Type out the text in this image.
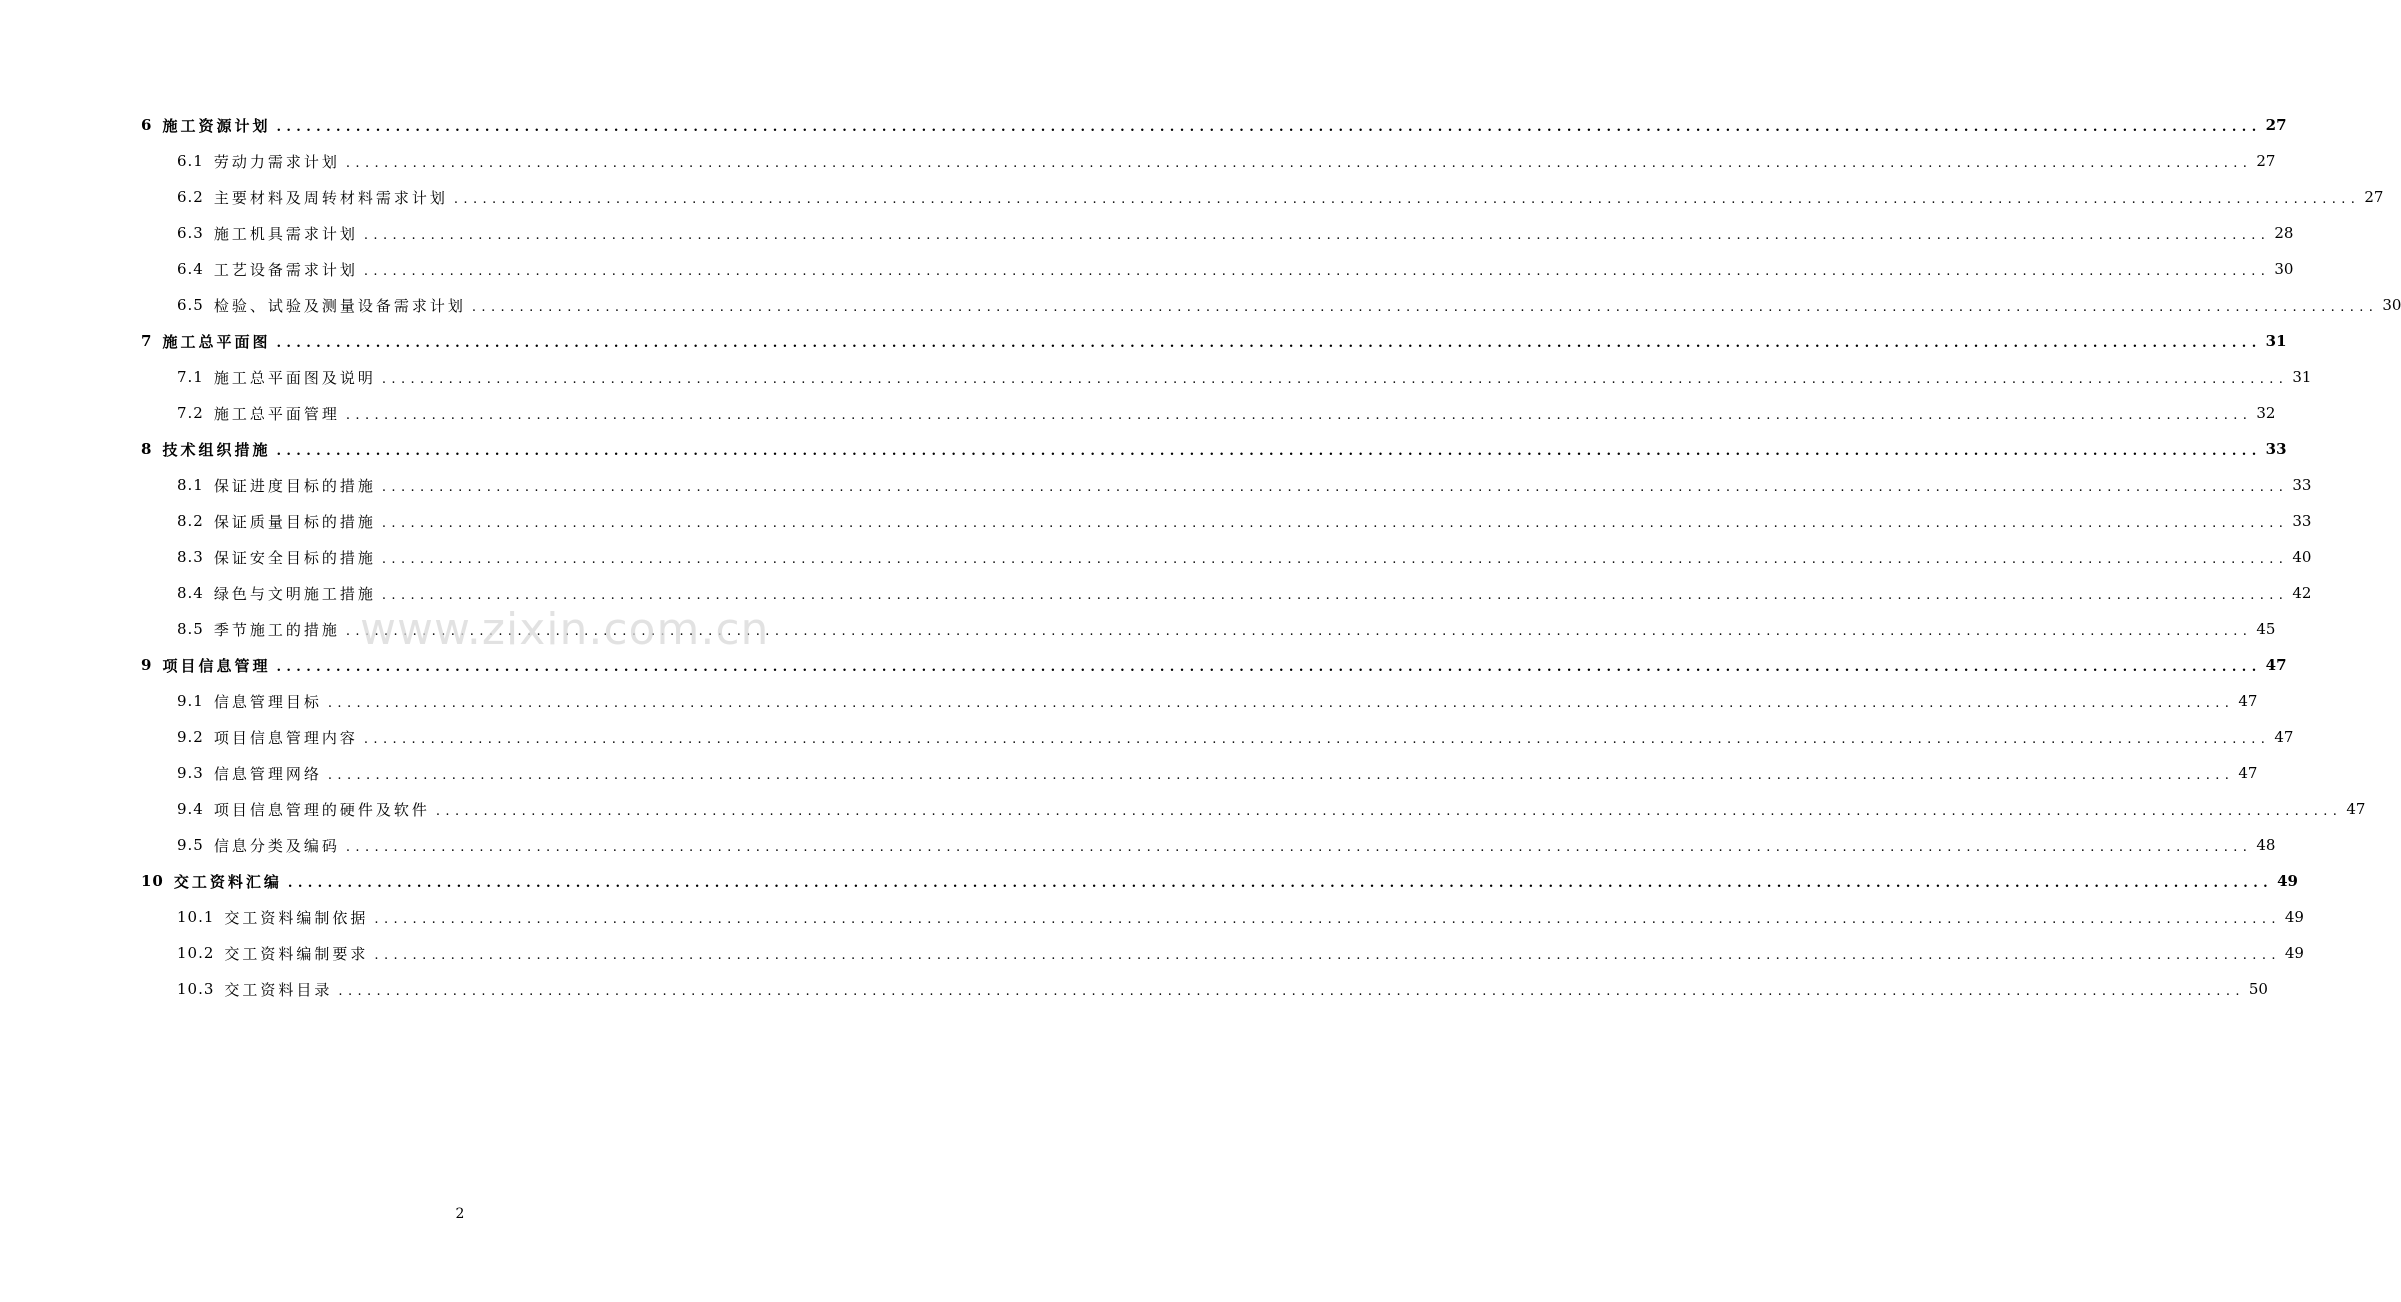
6 施工资源计划 ........................................................................................................................................................................................................ 27
6.1 劳动力需求计划 ........................................................................................................................................................................................................ 27
6.2 主要材料及周转材料需求计划 ........................................................................................................................................................................................................ 27
6.3 施工机具需求计划 ........................................................................................................................................................................................................ 28
6.4 工艺设备需求计划 ........................................................................................................................................................................................................ 30
6.5 检验、试验及测量设备需求计划 ........................................................................................................................................................................................................ 30
7 施工总平面图 ........................................................................................................................................................................................................ 31
7.1 施工总平面图及说明 ........................................................................................................................................................................................................ 31
7.2 施工总平面管理 ........................................................................................................................................................................................................ 32
8 技术组织措施 ........................................................................................................................................................................................................ 33
8.1 保证进度目标的措施 ........................................................................................................................................................................................................ 33
8.2 保证质量目标的措施 ........................................................................................................................................................................................................ 33
8.3 保证安全目标的措施 ........................................................................................................................................................................................................ 40
8.4 绿色与文明施工措施 ........................................................................................................................................................................................................ 42
8.5 季节施工的措施 ........................................................................................................................................................................................................ 45
9 项目信息管理 ........................................................................................................................................................................................................ 47
9.1 信息管理目标 ........................................................................................................................................................................................................ 47
9.2 项目信息管理内容 ........................................................................................................................................................................................................ 47
9.3 信息管理网络 ........................................................................................................................................................................................................ 47
9.4 项目信息管理的硬件及软件 ........................................................................................................................................................................................................ 47
9.5 信息分类及编码 ........................................................................................................................................................................................................ 48
10 交工资料汇编 ........................................................................................................................................................................................................ 49
10.1 交工资料编制依据 ........................................................................................................................................................................................................ 49
10.2 交工资料编制要求 ........................................................................................................................................................................................................ 49
10.3 交工资料目录 ........................................................................................................................................................................................................ 50
www.zixin.com.cn
2
